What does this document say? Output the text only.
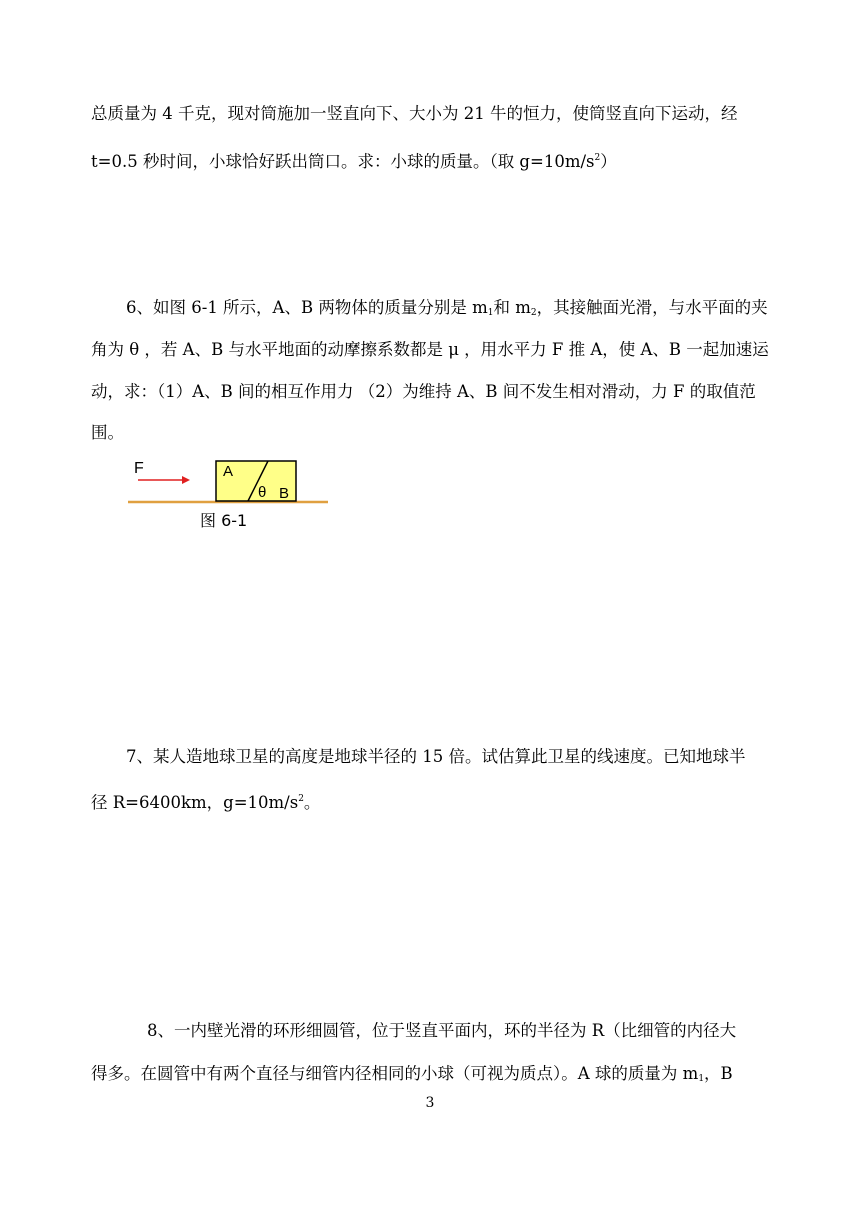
总质量为 4 千克，现对筒施加一竖直向下、大小为 21 牛的恒力，使筒竖直向下运动，经
t=0.5 秒时间，小球恰好跃出筒口。求：小球的质量。（取 $g=10m/s^2$）
6、如图 6-1 所示，A、B 两物体的质量分别是 $m_1$和 $m_2$，其接触面光滑，与水平面的夹
角为 θ ，若 A、B 与水平地面的动摩擦系数都是 μ ，用水平力 F 推 A，使 A、B 一起加速运
动，求：（1）A、B 间的相互作用力 （2）为维持 A、B 间不发生相对滑动，力 F 的取值范
围。
F	A
θ B
图 6-1
7、某人造地球卫星的高度是地球半径的 15 倍。试估算此卫星的线速度。已知地球半
径 R=6400km，$g=10m/s^2$。
8、一内壁光滑的环形细圆管，位于竖直平面内，环的半径为 R（比细管的内径大
得多。在圆管中有两个直径与细管内径相同的小球（可视为质点）。A 球的质量为 $m_1$，B
3
